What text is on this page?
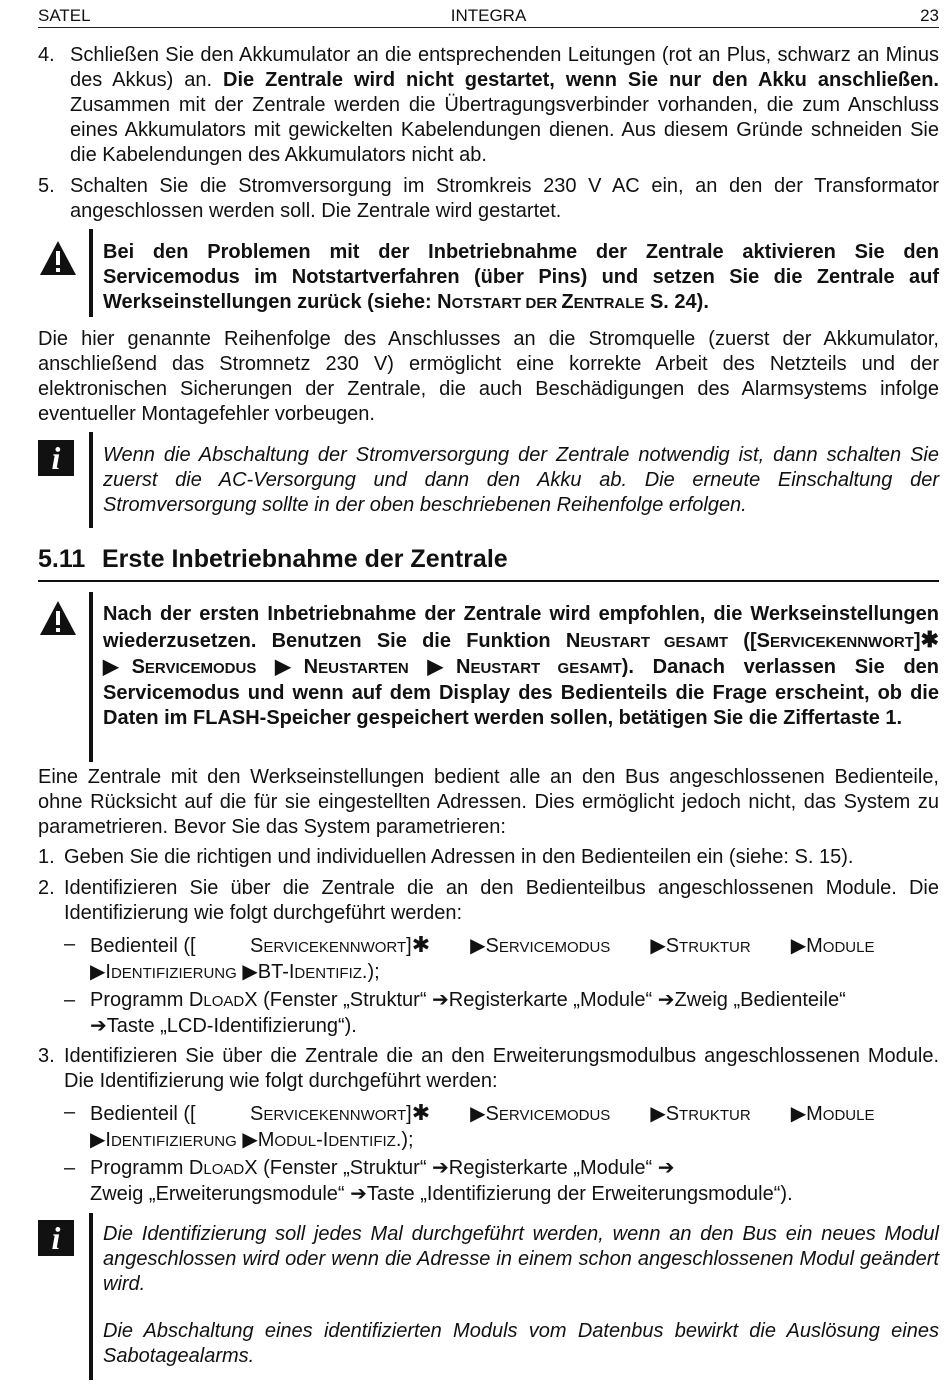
SATEL	INTEGRA	23
4. Schließen Sie den Akkumulator an die entsprechenden Leitungen (rot an Plus, schwarz an Minus des Akkus) an. Die Zentrale wird nicht gestartet, wenn Sie nur den Akku anschließen. Zusammen mit der Zentrale werden die Übertragungsverbinder vorhanden, die zum Anschluss eines Akkumulators mit gewickelten Kabelendungen dienen. Aus diesem Gründe schneiden Sie die Kabelendungen des Akkumulators nicht ab.
5. Schalten Sie die Stromversorgung im Stromkreis 230 V AC ein, an den der Transformator angeschlossen werden soll. Die Zentrale wird gestartet.
Bei den Problemen mit der Inbetriebnahme der Zentrale aktivieren Sie den Servicemodus im Notstartverfahren (über Pins) und setzen Sie die Zentrale auf Werkseinstellungen zurück (siehe: NOTSTART DER ZENTRALE S. 24).
Die hier genannte Reihenfolge des Anschlusses an die Stromquelle (zuerst der Akkumulator, anschließend das Stromnetz 230 V) ermöglicht eine korrekte Arbeit des Netzteils und der elektronischen Sicherungen der Zentrale, die auch Beschädigungen des Alarmsystems infolge eventueller Montagefehler vorbeugen.
i	Wenn die Abschaltung der Stromversorgung der Zentrale notwendig ist, dann schalten Sie zuerst die AC-Versorgung und dann den Akku ab. Die erneute Einschaltung der Stromversorgung sollte in der oben beschriebenen Reihenfolge erfolgen.
5.11 Erste Inbetriebnahme der Zentrale
Nach der ersten Inbetriebnahme der Zentrale wird empfohlen, die Werkseinstellungen wiederzusetzen. Benutzen Sie die Funktion NEUSTART GESAMT ([SERVICEKENNWORT]✱ ▶SERVICEMODUS ▶NEUSTARTEN ▶NEUSTART GESAMT). Danach verlassen Sie den Servicemodus und wenn auf dem Display des Bedienteils die Frage erscheint, ob die Daten im FLASH-Speicher gespeichert werden sollen, betätigen Sie die Ziffertaste 1.
Eine Zentrale mit den Werkseinstellungen bedient alle an den Bus angeschlossenen Bedienteile, ohne Rücksicht auf die für sie eingestellten Adressen. Dies ermöglicht jedoch nicht, das System zu parametrieren. Bevor Sie das System parametrieren:
1. Geben Sie die richtigen und individuellen Adressen in den Bedienteilen ein (siehe: S. 15).
2. Identifizieren Sie über die Zentrale die an den Bedienteilbus angeschlossenen Module. Die Identifizierung wie folgt durchgeführt werden:
– Bedienteil ([	SERVICEKENNWORT]✱ ▶SERVICEMODUS ▶STRUKTUR ▶MODULE
▶IDENTIFIZIERUNG ▶BT-IDENTIFIZ.);
– Programm DLOADX (Fenster „Struktur“ ➔Registerkarte „Module“ ➔Zweig „Bedienteile“
➔Taste „LCD-Identifizierung“).
3. Identifizieren Sie über die Zentrale die an den Erweiterungsmodulbus angeschlossenen Module. Die Identifizierung wie folgt durchgeführt werden:
– Bedienteil ([	SERVICEKENNWORT]✱ ▶SERVICEMODUS ▶STRUKTUR ▶MODULE
▶IDENTIFIZIERUNG ▶MODUL-IDENTIFIZ.);
– Programm DLOADX (Fenster „Struktur“ ➔Registerkarte „Module“ ➔
Zweig „Erweiterungsmodule“ ➔Taste „Identifizierung der Erweiterungsmodule“).
i	Die Identifizierung soll jedes Mal durchgeführt werden, wenn an den Bus ein neues Modul angeschlossen wird oder wenn die Adresse in einem schon angeschlossenen Modul geändert wird.
Die Abschaltung eines identifizierten Moduls vom Datenbus bewirkt die Auslösung eines Sabotagealarms.
